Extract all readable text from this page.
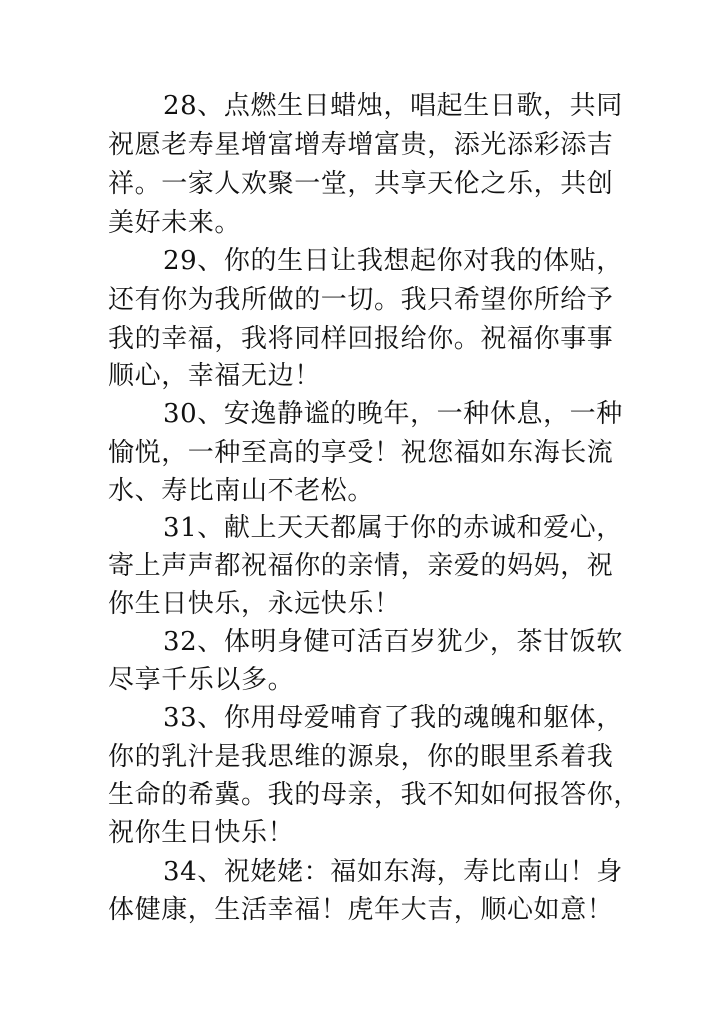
28、点燃生日蜡烛，唱起生日歌，共同
祝愿老寿星增富增寿增富贵，添光添彩添吉
祥。一家人欢聚一堂，共享天伦之乐，共创
美好未来。
29、你的生日让我想起你对我的体贴，
还有你为我所做的一切。我只希望你所给予
我的幸福，我将同样回报给你。祝福你事事
顺心，幸福无边！
30、安逸静谧的晚年，一种休息，一种
愉悦，一种至高的享受！祝您福如东海长流
水、寿比南山不老松。
31、献上天天都属于你的赤诚和爱心，
寄上声声都祝福你的亲情，亲爱的妈妈，祝
你生日快乐，永远快乐！
32、体明身健可活百岁犹少，茶甘饭软
尽享千乐以多。
33、你用母爱哺育了我的魂魄和躯体，
你的乳汁是我思维的源泉，你的眼里系着我
生命的希冀。我的母亲，我不知如何报答你，
祝你生日快乐！
34、祝姥姥：福如东海，寿比南山！身
体健康，生活幸福！虎年大吉，顺心如意！
